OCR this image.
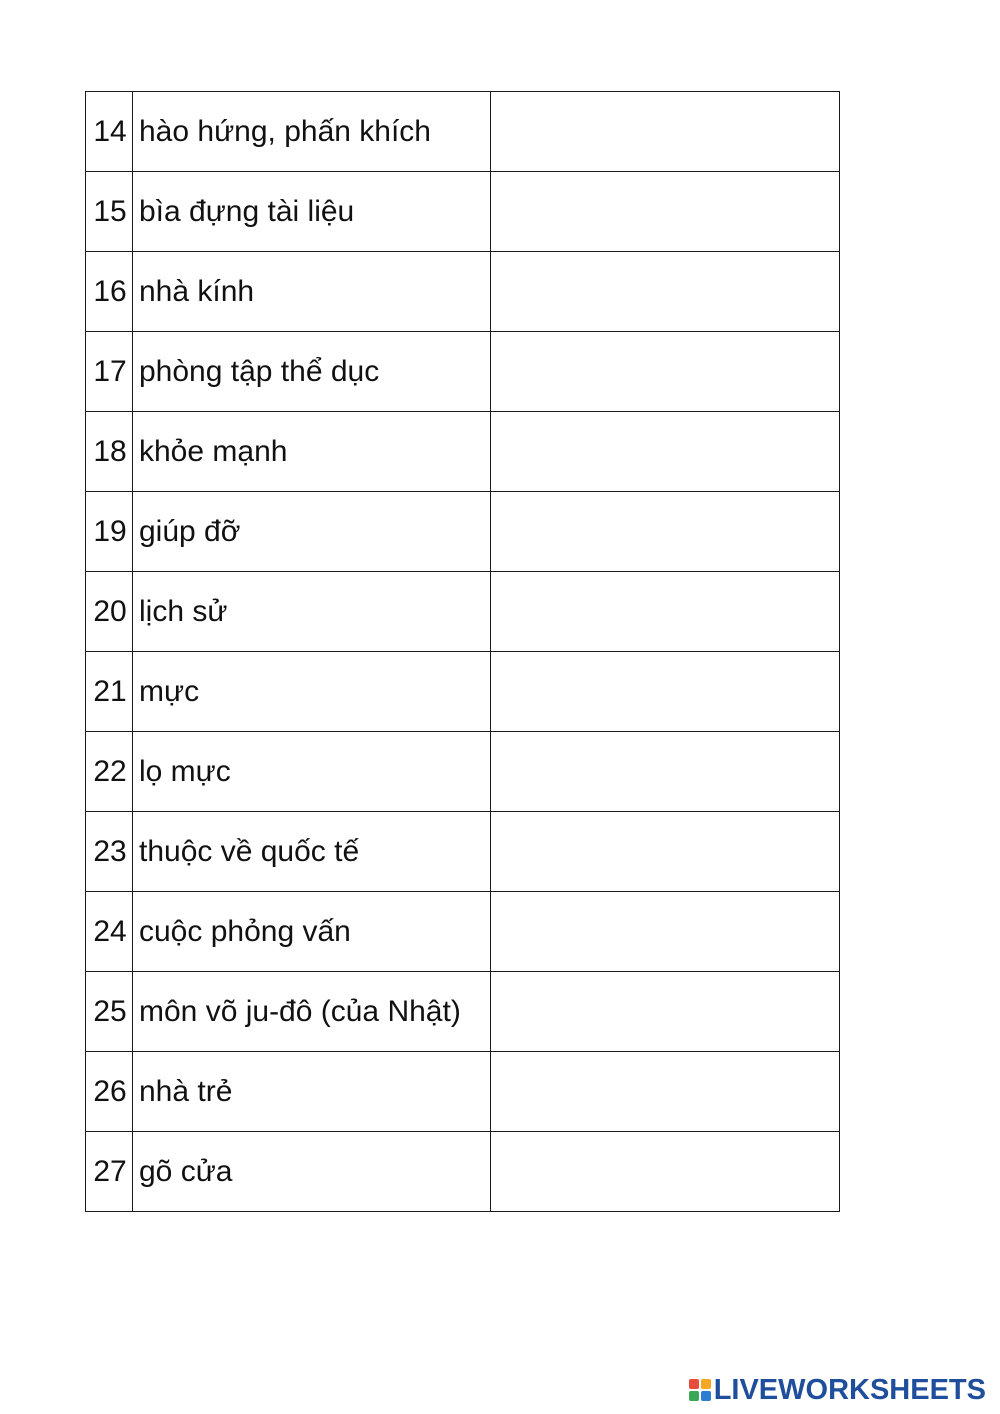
14	hào hứng, phấn khích	
15	bìa đựng tài liệu	
16	nhà kính	
17	phòng tập thể dục	
18	khỏe mạnh	
19	giúp đỡ	
20	lịch sử	
21	mực	
22	lọ mực	
23	thuộc về quốc tế	
24	cuộc phỏng vấn	
25	môn võ ju-đô (của Nhật)	
26	nhà trẻ	
27	gõ cửa	
LIVEWORKSHEETS
